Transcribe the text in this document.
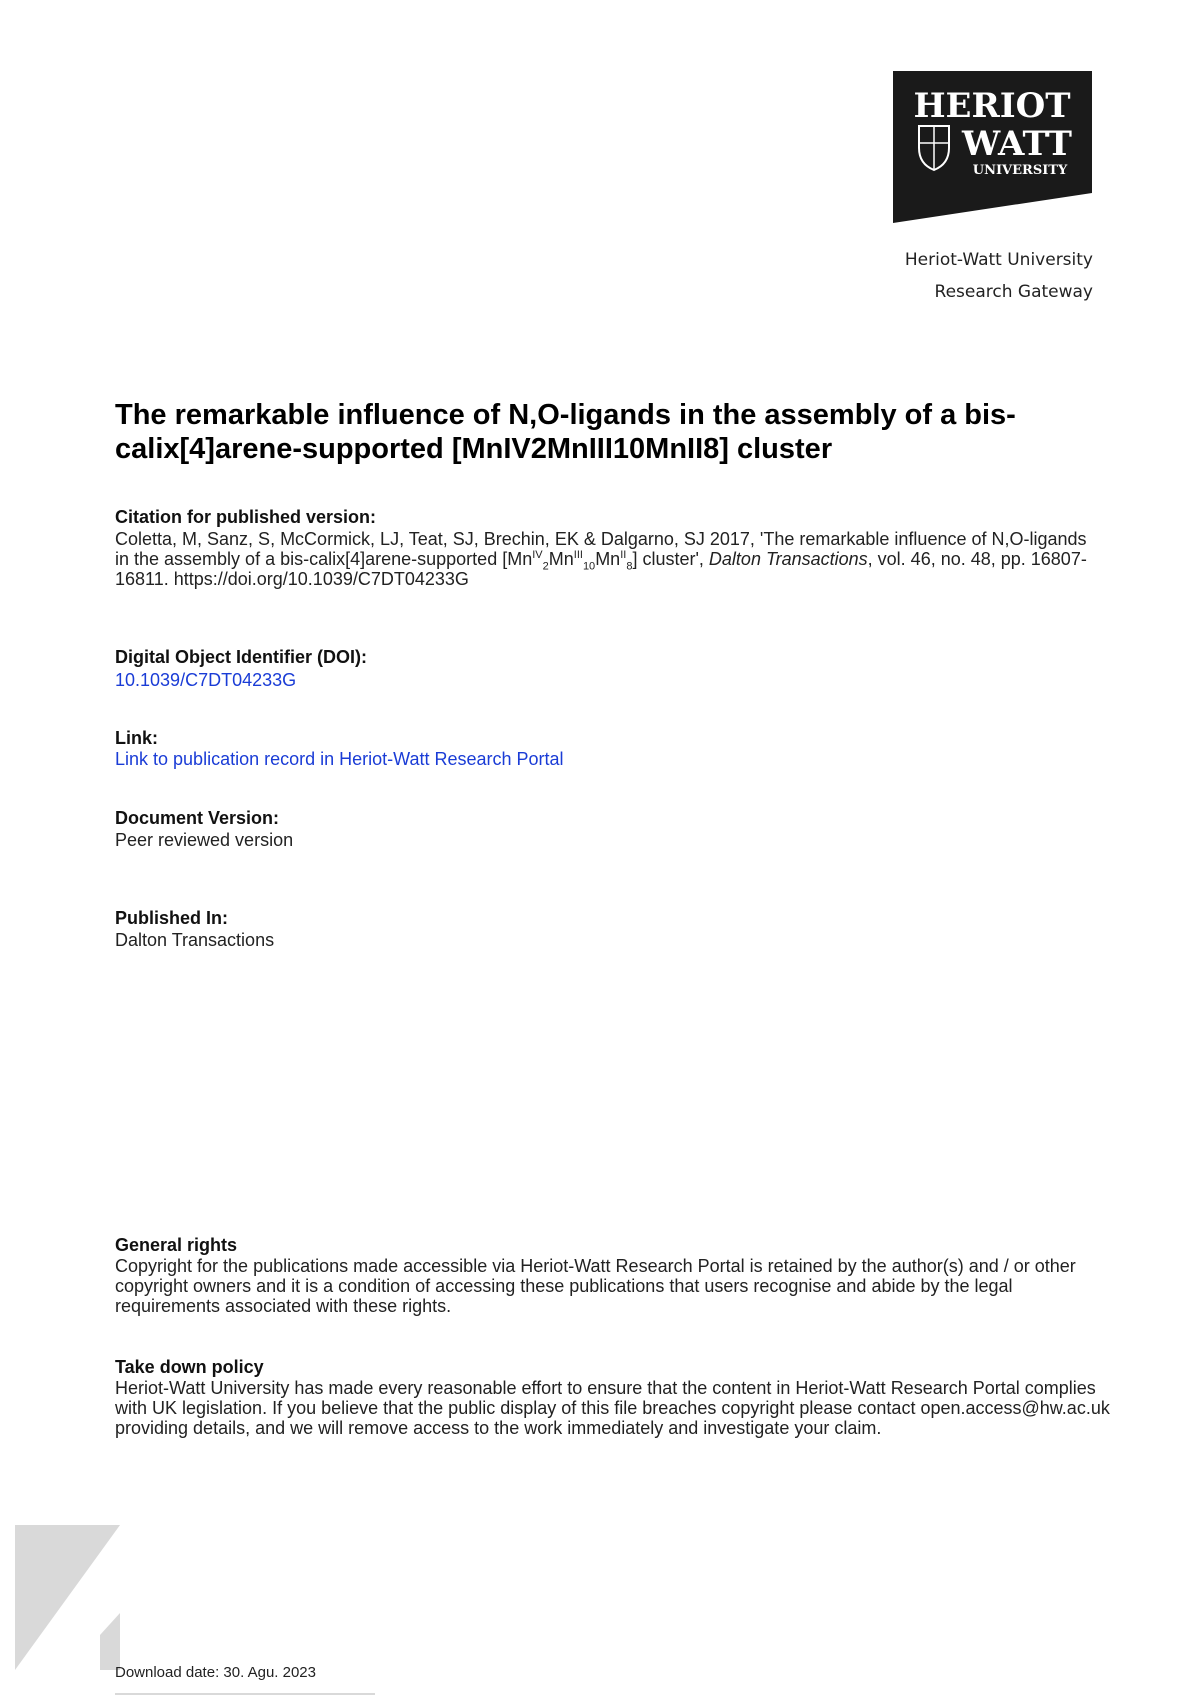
HERIOT
WATT
UNIVERSITY
Heriot-Watt University
Research Gateway
The remarkable influence of N,O-ligands in the assembly of a bis-calix[4]arene-supported [MnIV2MnIII10MnII8] cluster
Citation for published version:
Coletta, M, Sanz, S, McCormick, LJ, Teat, SJ, Brechin, EK & Dalgarno, SJ 2017, 'The remarkable influence of N,O-ligands in the assembly of a bis-calix[4]arene-supported $[Mn^{IV}_2Mn^{III}_{10}Mn^{II}_8]$ cluster', Dalton Transactions, vol. 46, no. 48, pp. 16807-16811. https://doi.org/10.1039/C7DT04233G
Digital Object Identifier (DOI):
10.1039/C7DT04233G
Link:
Link to publication record in Heriot-Watt Research Portal
Document Version:
Peer reviewed version
Published In:
Dalton Transactions
General rights
Copyright for the publications made accessible via Heriot-Watt Research Portal is retained by the author(s) and / or other copyright owners and it is a condition of accessing these publications that users recognise and abide by the legal requirements associated with these rights.
Take down policy
Heriot-Watt University has made every reasonable effort to ensure that the content in Heriot-Watt Research Portal complies with UK legislation. If you believe that the public display of this file breaches copyright please contact open.access@hw.ac.uk providing details, and we will remove access to the work immediately and investigate your claim.
Download date: 30. Agu. 2023
